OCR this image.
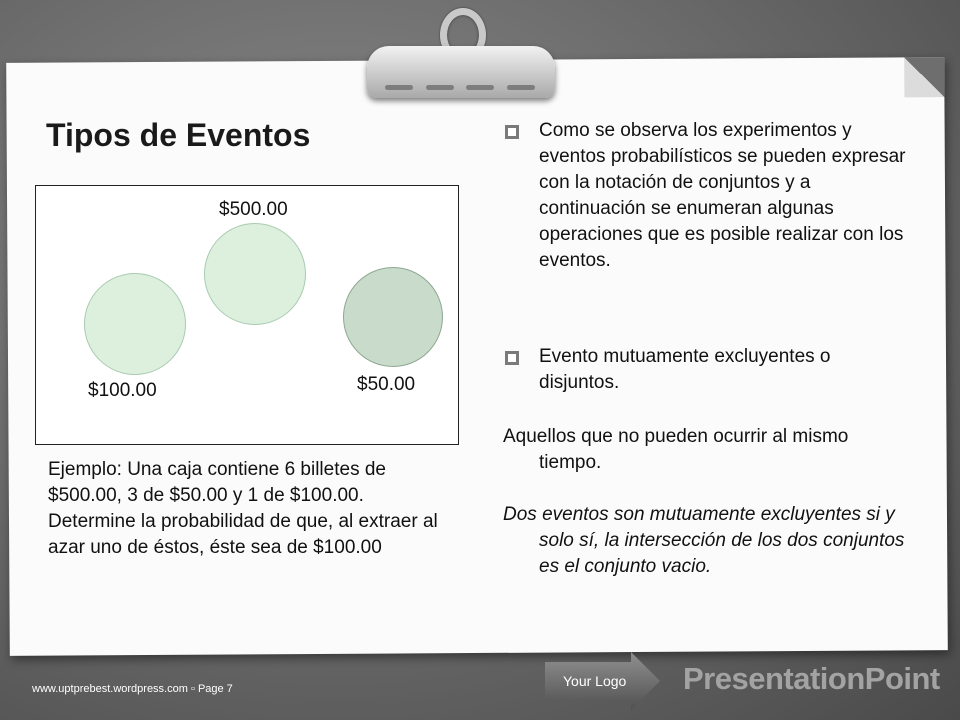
Tipos de Eventos
$500.00
$100.00	$50.00

Ejemplo: Una caja contiene 6 billetes de $500.00, 3 de $50.00 y 1 de $100.00. Determine la probabilidad de que, al extraer al azar uno de éstos, éste sea de $100.00

Como se observa los experimentos y eventos probabilísticos se pueden expresar con la notación de conjuntos y a continuación se enumeran algunas operaciones que es posible realizar con los eventos.
Evento mutuamente excluyentes o disjuntos.

Aquellos que no pueden ocurrir al mismo tiempo.

Dos eventos son mutuamente excluyentes si y solo sí, la intersección de los dos conjuntos es el conjunto vacio.

www.uptprebest.wordpress.com ▫ Page 7	Your Logo PresentationPoint
